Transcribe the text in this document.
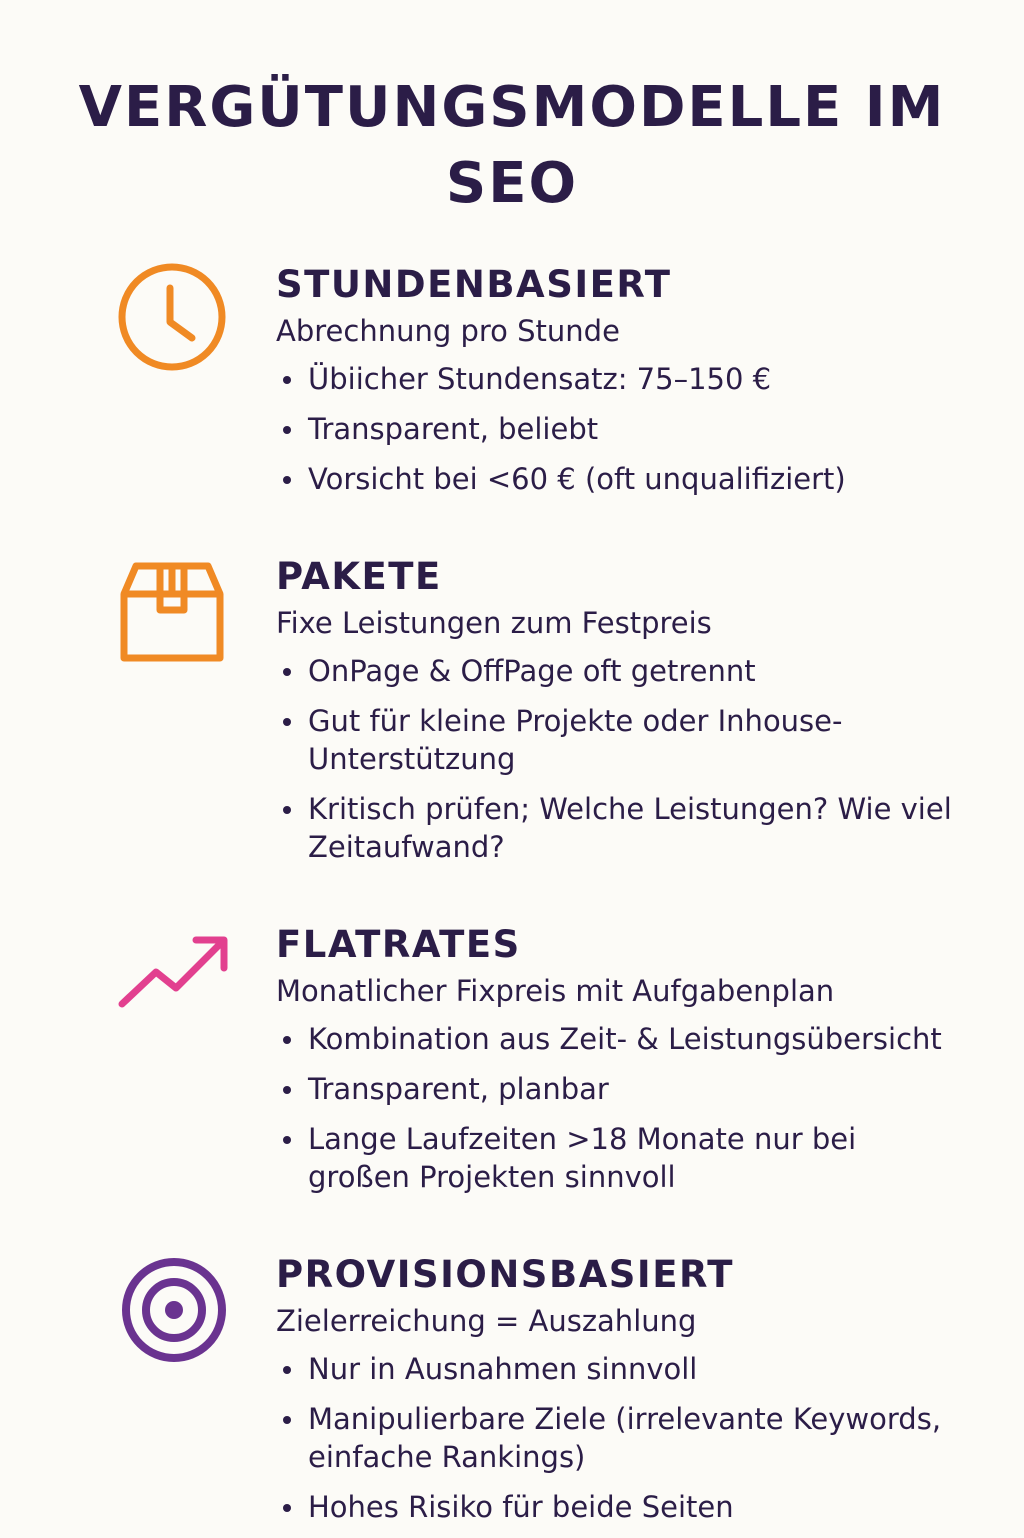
VERGÜTUNGSMODELLE IM SEO
STUNDENBASIERT

Abrechnung pro Stunde

Übiicher Stundensatz: 75–150 €
Transparent, beliebt
Vorsicht bei <60 € (oft unqualifiziert)
PAKETE

Fixe Leistungen zum Festpreis

OnPage & OffPage oft getrennt
Gut für kleine Projekte oder Inhouse-Unterstützung
Kritisch prüfen; Welche Leistungen? Wie viel Zeitaufwand?
FLATRATES

Monatlicher Fixpreis mit Aufgabenplan

Kombination aus Zeit- & Leistungsübersicht
Transparent, planbar
Lange Laufzeiten >18 Monate nur bei großen Projekten sinnvoll
PROVISIONSBASIERT

Zielerreichung = Auszahlung

Nur in Ausnahmen sinnvoll
Manipulierbare Ziele (irrelevante Keywords, einfache Rankings)
Hohes Risiko für beide Seiten
